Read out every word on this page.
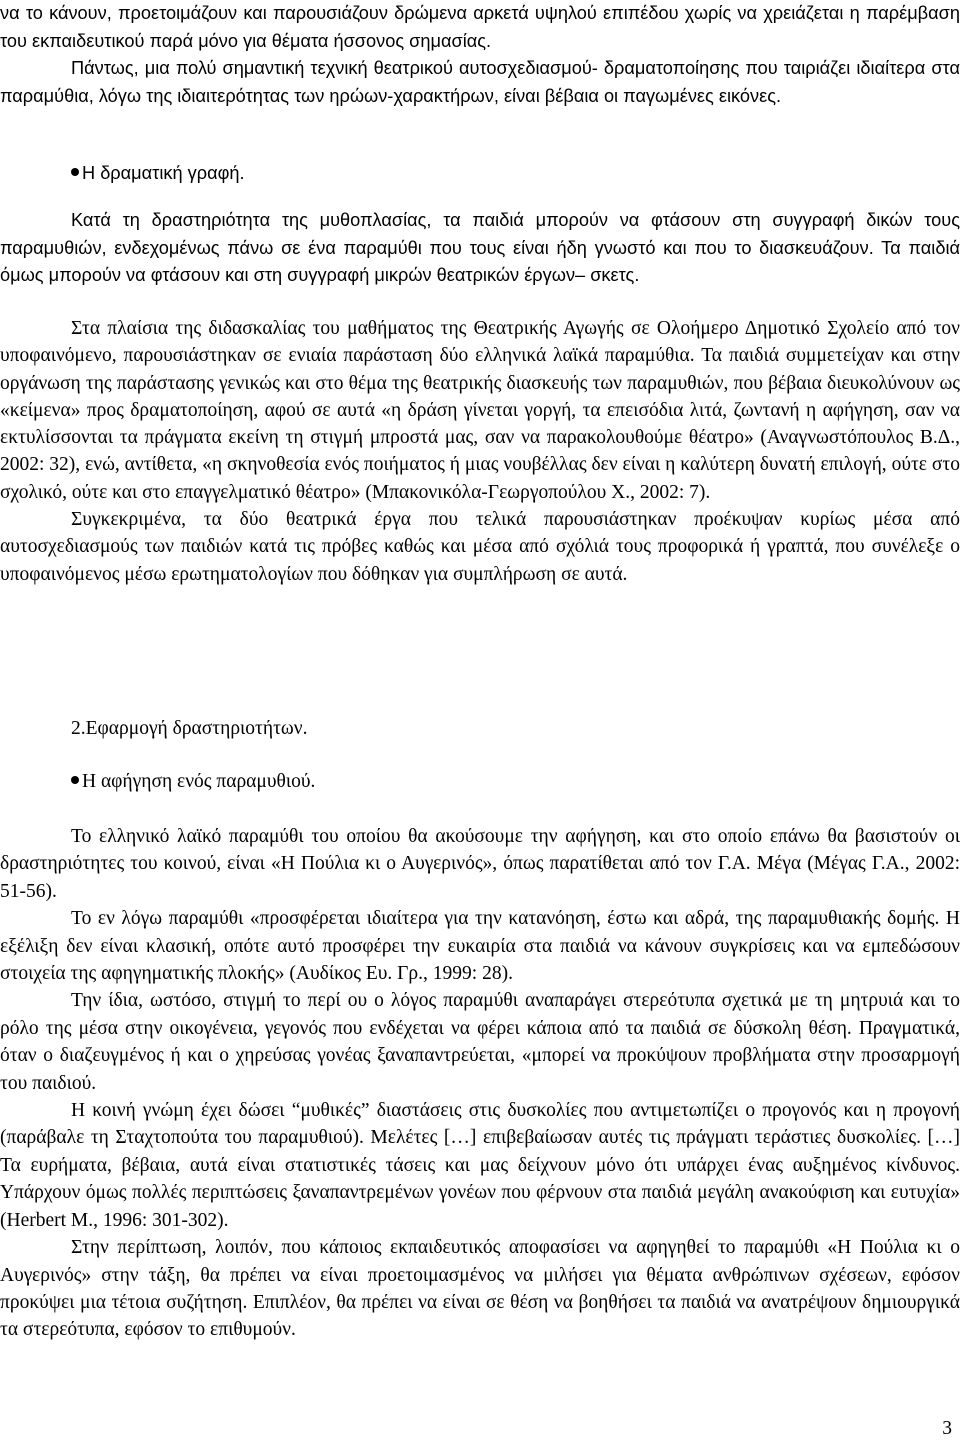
να το κάνουν, προετοιμάζουν και παρουσιάζουν δρώμενα αρκετά υψηλού επιπέδου χωρίς να χρειάζεται η παρέμβαση του εκπαιδευτικού παρά μόνο για θέματα ήσσονος σημασίας.

Πάντως, μια πολύ σημαντική τεχνική θεατρικού αυτοσχεδιασμού- δραματοποίησης που ταιριάζει ιδιαίτερα στα παραμύθια, λόγω της ιδιαιτερότητας των ηρώων-χαρακτήρων, είναι βέβαια οι παγωμένες εικόνες.

Η δραματική γραφή.

Κατά τη δραστηριότητα της μυθοπλασίας, τα παιδιά μπορούν να φτάσουν στη συγγραφή δικών τους παραμυθιών, ενδεχομένως πάνω σε ένα παραμύθι που τους είναι ήδη γνωστό και που το διασκευάζουν. Τα παιδιά όμως μπορούν να φτάσουν και στη συγγραφή μικρών θεατρικών έργων– σκετς.

Στα πλαίσια της διδασκαλίας του μαθήματος της Θεατρικής Αγωγής σε Ολοήμερο Δημοτικό Σχολείο από τον υποφαινόμενο, παρουσιάστηκαν σε ενιαία παράσταση δύο ελληνικά λαϊκά παραμύθια. Τα παιδιά συμμετείχαν και στην οργάνωση της παράστασης γενικώς και στο θέμα της θεατρικής διασκευής των παραμυθιών, που βέβαια διευκολύνουν ως «κείμενα» προς δραματοποίηση, αφού σε αυτά «η δράση γίνεται γοργή, τα επεισόδια λιτά, ζωντανή η αφήγηση, σαν να εκτυλίσσονται τα πράγματα εκείνη τη στιγμή μπροστά μας, σαν να παρακολουθούμε θέατρο» (Αναγνωστόπουλος Β.Δ., 2002: 32), ενώ, αντίθετα, «η σκηνοθεσία ενός ποιήματος ή μιας νουβέλλας δεν είναι η καλύτερη δυνατή επιλογή, ούτε στο σχολικό, ούτε και στο επαγγελματικό θέατρο» (Μπακονικόλα-Γεωργοπούλου Χ., 2002: 7).

Συγκεκριμένα, τα δύο θεατρικά έργα που τελικά παρουσιάστηκαν προέκυψαν κυρίως μέσα από αυτοσχεδιασμούς των παιδιών κατά τις πρόβες καθώς και μέσα από σχόλιά τους προφορικά ή γραπτά, που συνέλεξε ο υποφαινόμενος μέσω ερωτηματολογίων που δόθηκαν για συμπλήρωση σε αυτά.

2.Εφαρμογή δραστηριοτήτων.
Η αφήγηση ενός παραμυθιού.

Το ελληνικό λαϊκό παραμύθι του οποίου θα ακούσουμε την αφήγηση, και στο οποίο επάνω θα βασιστούν οι δραστηριότητες του κοινού, είναι «Η Πούλια κι ο Αυγερινός», όπως παρατίθεται από τον Γ.Α. Μέγα (Μέγας Γ.Α., 2002: 51-56).

Το εν λόγω παραμύθι «προσφέρεται ιδιαίτερα για την κατανόηση, έστω και αδρά, της παραμυθιακής δομής. Η εξέλιξη δεν είναι κλασική, οπότε αυτό προσφέρει την ευκαιρία στα παιδιά να κάνουν συγκρίσεις και να εμπεδώσουν στοιχεία της αφηγηματικής πλοκής» (Αυδίκος Ευ. Γρ., 1999: 28).

Την ίδια, ωστόσο, στιγμή το περί ου ο λόγος παραμύθι αναπαράγει στερεότυπα σχετικά με τη μητρυιά και το ρόλο της μέσα στην οικογένεια, γεγονός που ενδέχεται να φέρει κάποια από τα παιδιά σε δύσκολη θέση. Πραγματικά, όταν ο διαζευγμένος ή και ο χηρεύσας γονέας ξαναπαντρεύεται, «μπορεί να προκύψουν προβλήματα στην προσαρμογή του παιδιού.

Η κοινή γνώμη έχει δώσει “μυθικές” διαστάσεις στις δυσκολίες που αντιμετωπίζει ο προγονός και η προγονή (παράβαλε τη Σταχτοπούτα του παραμυθιού). Μελέτες […] επιβεβαίωσαν αυτές τις πράγματι τεράστιες δυσκολίες. […] Τα ευρήματα, βέβαια, αυτά είναι στατιστικές τάσεις και μας δείχνουν μόνο ότι υπάρχει ένας αυξημένος κίνδυνος. Υπάρχουν όμως πολλές περιπτώσεις ξαναπαντρεμένων γονέων που φέρνουν στα παιδιά μεγάλη ανακούφιση και ευτυχία» (Herbert M., 1996: 301-302).

Στην περίπτωση, λοιπόν, που κάποιος εκπαιδευτικός αποφασίσει να αφηγηθεί το παραμύθι «Η Πούλια κι ο Αυγερινός» στην τάξη, θα πρέπει να είναι προετοιμασμένος να μιλήσει για θέματα ανθρώπινων σχέσεων, εφόσον προκύψει μια τέτοια συζήτηση. Επιπλέον, θα πρέπει να είναι σε θέση να βοηθήσει τα παιδιά να ανατρέψουν δημιουργικά τα στερεότυπα, εφόσον το επιθυμούν.

3
